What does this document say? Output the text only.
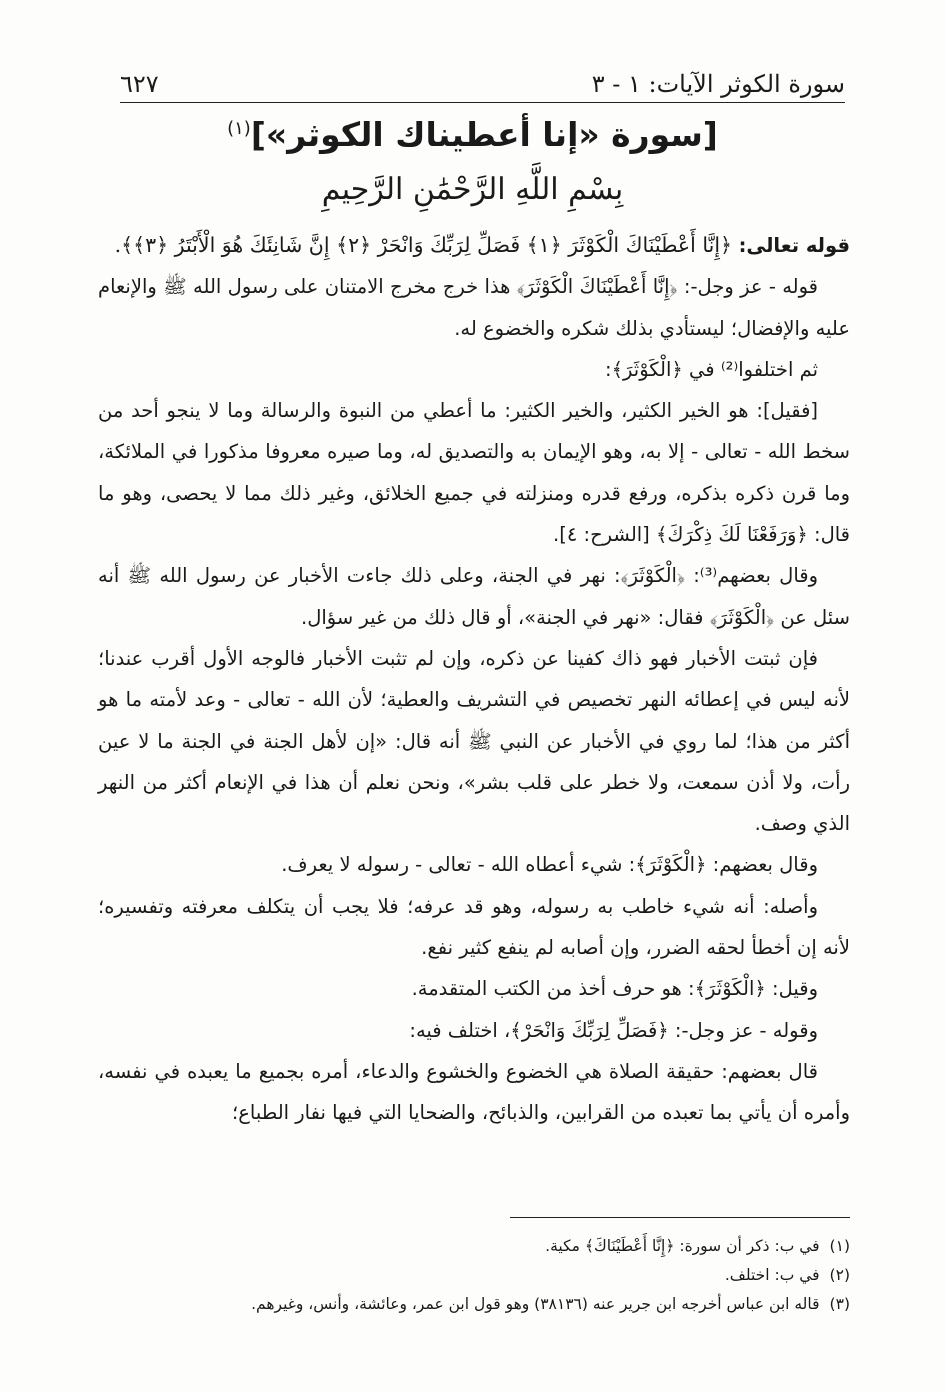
سورة الكوثر الآيات: ١ - ٣
٦٢٧
[سورة «إنا أعطيناك الكوثر»]$^{(١)}$
بِسْمِ اللَّهِ الرَّحْمَٰنِ الرَّحِيمِ

قوله تعالى: ﴿إِنَّا أَعْطَيْنَاكَ الْكَوْثَرَ ﴿١﴾ فَصَلِّ لِرَبِّكَ وَانْحَرْ ﴿٢﴾ إِنَّ شَانِئَكَ هُوَ الْأَبْتَرُ ﴿٣﴾﴾.

قوله - عز وجل-: ﴿إِنَّا أَعْطَيْنَاكَ الْكَوْثَرَ﴾ هذا خرج مخرج الامتنان على رسول الله ﷺ والإنعام عليه والإفضال؛ ليستأدي بذلك شكره والخضوع له.

ثم اختلفوا⁽²⁾ في ﴿الْكَوْثَرَ﴾:

[فقيل]: هو الخير الكثير، والخير الكثير: ما أعطي من النبوة والرسالة وما لا ينجو أحد من سخط الله - تعالى - إلا به، وهو الإيمان به والتصديق له، وما صيره معروفا مذكورا في الملائكة، وما قرن ذكره بذكره، ورفع قدره ومنزلته في جميع الخلائق، وغير ذلك مما لا يحصى، وهو ما قال: ﴿وَرَفَعْنَا لَكَ ذِكْرَكَ﴾ [الشرح: ٤].

وقال بعضهم⁽³⁾: ﴿الْكَوْثَرَ﴾: نهر في الجنة، وعلى ذلك جاءت الأخبار عن رسول الله ﷺ أنه سئل عن ﴿الْكَوْثَرَ﴾ فقال: «نهر في الجنة»، أو قال ذلك من غير سؤال.

فإن ثبتت الأخبار فهو ذاك كفينا عن ذكره، وإن لم تثبت الأخبار فالوجه الأول أقرب عندنا؛ لأنه ليس في إعطائه النهر تخصيص في التشريف والعطية؛ لأن الله - تعالى - وعد لأمته ما هو أكثر من هذا؛ لما روي في الأخبار عن النبي ﷺ أنه قال: «إن لأهل الجنة في الجنة ما لا عين رأت، ولا أذن سمعت، ولا خطر على قلب بشر»، ونحن نعلم أن هذا في الإنعام أكثر من النهر الذي وصف.

وقال بعضهم: ﴿الْكَوْثَرَ﴾: شيء أعطاه الله - تعالى - رسوله لا يعرف.

وأصله: أنه شيء خاطب به رسوله، وهو قد عرفه؛ فلا يجب أن يتكلف معرفته وتفسيره؛ لأنه إن أخطأ لحقه الضرر، وإن أصابه لم ينفع كثير نفع.

وقيل: ﴿الْكَوْثَرَ﴾: هو حرف أخذ من الكتب المتقدمة.

وقوله - عز وجل-: ﴿فَصَلِّ لِرَبِّكَ وَانْحَرْ﴾، اختلف فيه:

قال بعضهم: حقيقة الصلاة هي الخضوع والخشوع والدعاء، أمره بجميع ما يعبده في نفسه، وأمره أن يأتي بما تعبده من القرابين، والذبائح، والضحايا التي فيها نفار الطباع؛

(١)في ب: ذكر أن سورة: ﴿إِنَّا أَعْطَيْنَاكَ﴾ مكية.
(٢)في ب: اختلف.
(٣)قاله ابن عباس أخرجه ابن جرير عنه (٣٨١٣٦) وهو قول ابن عمر، وعائشة، وأنس، وغيرهم.
